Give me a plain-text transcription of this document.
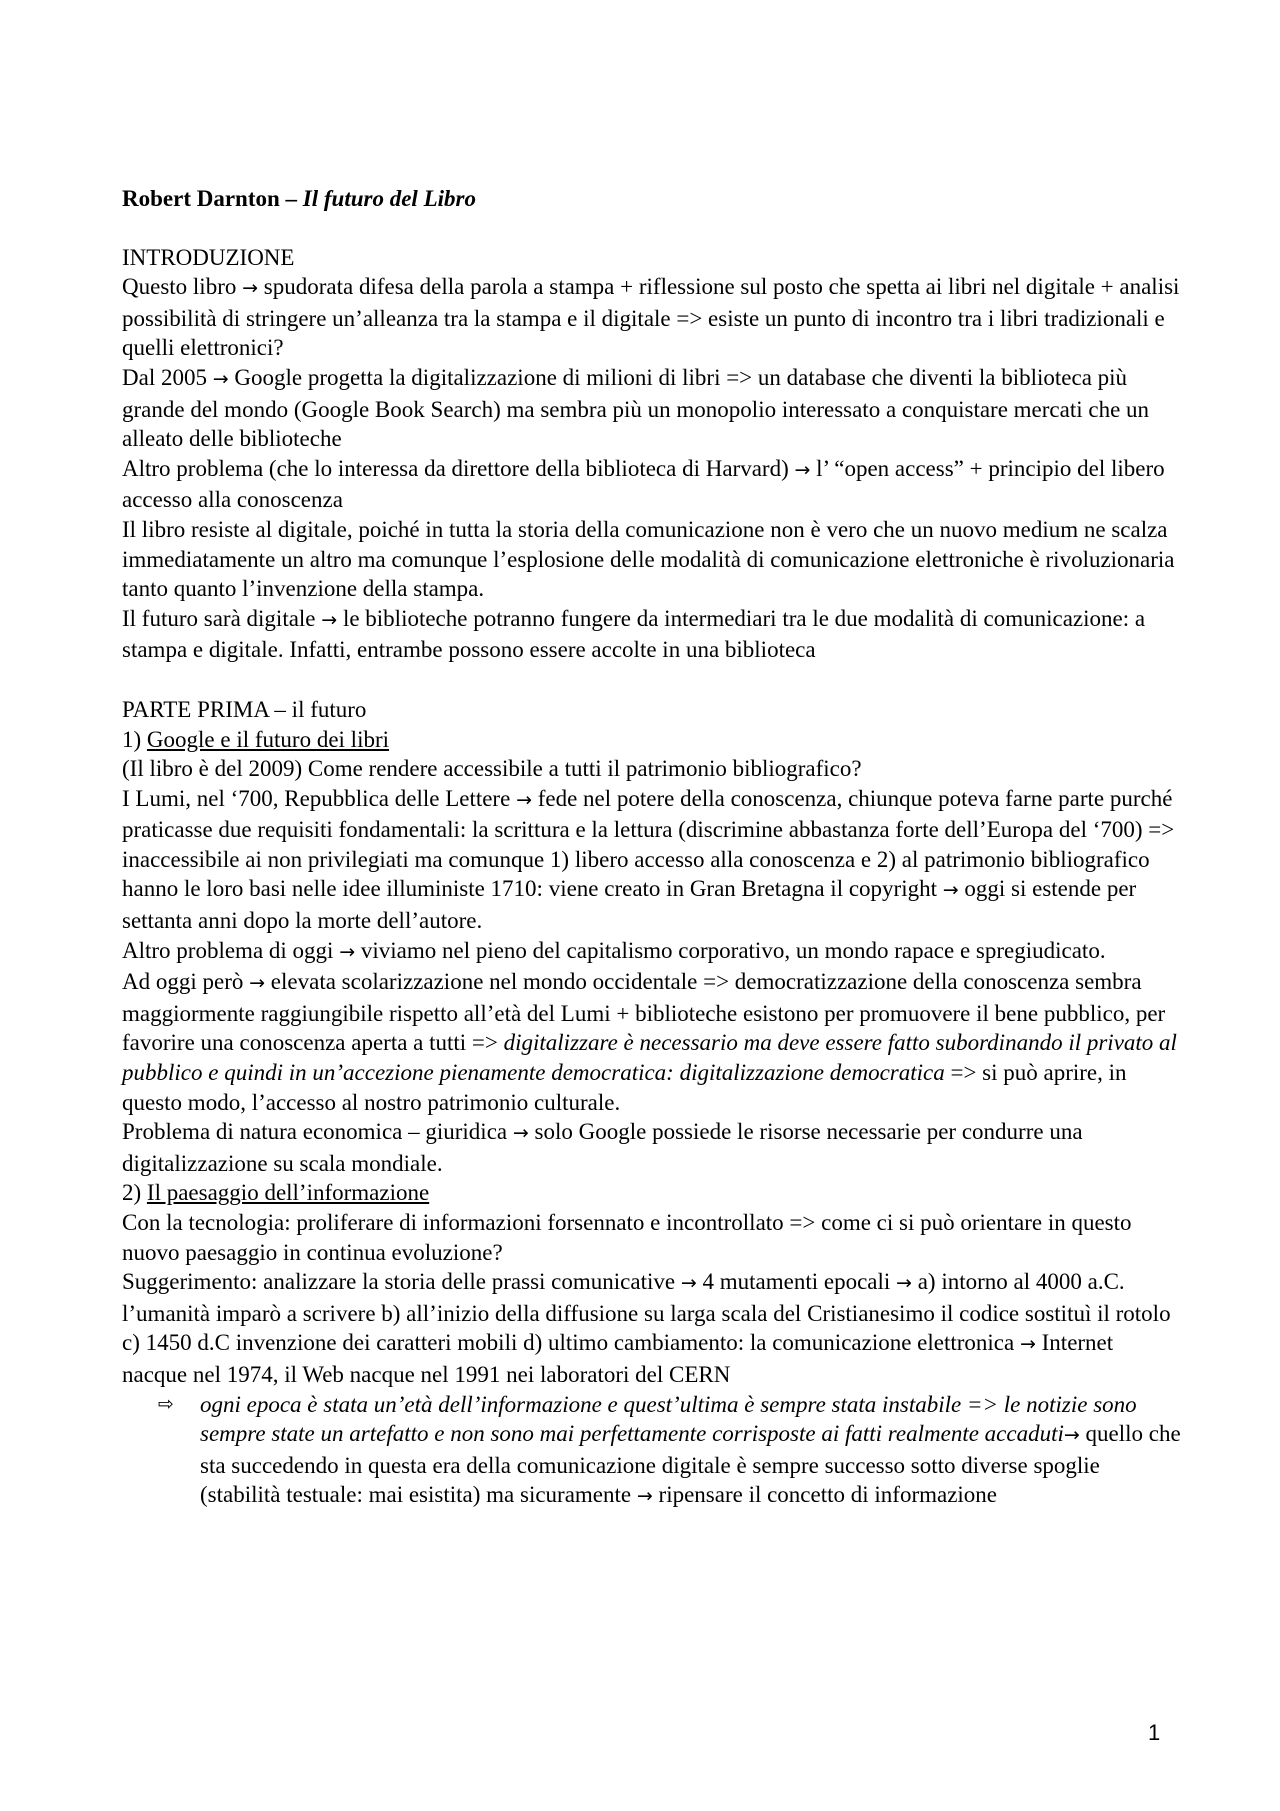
Robert Darnton – Il futuro del Libro

INTRODUZIONE

Questo libro → spudorata difesa della parola a stampa + riflessione sul posto che spetta ai libri nel digitale + analisi possibilità di stringere un’alleanza tra la stampa e il digitale => esiste un punto di incontro tra i libri tradizionali e quelli elettronici?

Dal 2005 → Google progetta la digitalizzazione di milioni di libri => un database che diventi la biblioteca più grande del mondo (Google Book Search) ma sembra più un monopolio interessato a conquistare mercati che un alleato delle biblioteche

Altro problema (che lo interessa da direttore della biblioteca di Harvard) → l’ “open access” + principio del libero accesso alla conoscenza

Il libro resiste al digitale, poiché in tutta la storia della comunicazione non è vero che un nuovo medium ne scalza immediatamente un altro ma comunque l’esplosione delle modalità di comunicazione elettroniche è rivoluzionaria tanto quanto l’invenzione della stampa.

Il futuro sarà digitale → le biblioteche potranno fungere da intermediari tra le due modalità di comunicazione: a stampa e digitale. Infatti, entrambe possono essere accolte in una biblioteca

PARTE PRIMA – il futuro

1) Google e il futuro dei libri

(Il libro è del 2009) Come rendere accessibile a tutti il patrimonio bibliografico?

I Lumi, nel ‘700, Repubblica delle Lettere → fede nel potere della conoscenza, chiunque poteva farne parte purché praticasse due requisiti fondamentali: la scrittura e la lettura (discrimine abbastanza forte dell’Europa del ‘700) => inaccessibile ai non privilegiati ma comunque 1) libero accesso alla conoscenza e 2) al patrimonio bibliografico hanno le loro basi nelle idee illuministe 1710: viene creato in Gran Bretagna il copyright → oggi si estende per settanta anni dopo la morte dell’autore.

Altro problema di oggi → viviamo nel pieno del capitalismo corporativo, un mondo rapace e spregiudicato.

Ad oggi però → elevata scolarizzazione nel mondo occidentale => democratizzazione della conoscenza sembra maggiormente raggiungibile rispetto all’età del Lumi + biblioteche esistono per promuovere il bene pubblico, per favorire una conoscenza aperta a tutti => digitalizzare è necessario ma deve essere fatto subordinando il privato al pubblico e quindi in un’accezione pienamente democratica: digitalizzazione democratica => si può aprire, in questo modo, l’accesso al nostro patrimonio culturale.

Problema di natura economica – giuridica → solo Google possiede le risorse necessarie per condurre una digitalizzazione su scala mondiale.

2) Il paesaggio dell’informazione

Con la tecnologia: proliferare di informazioni forsennato e incontrollato => come ci si può orientare in questo nuovo paesaggio in continua evoluzione?

Suggerimento: analizzare la storia delle prassi comunicative → 4 mutamenti epocali → a) intorno al 4000 a.C. l’umanità imparò a scrivere b) all’inizio della diffusione su larga scala del Cristianesimo il codice sostituì il rotolo c) 1450 d.C invenzione dei caratteri mobili d) ultimo cambiamento: la comunicazione elettronica → Internet nacque nel 1974, il Web nacque nel 1991 nei laboratori del CERN

⇨ ogni epoca è stata un’età dell’informazione e quest’ultima è sempre stata instabile => le notizie sono sempre state un artefatto e non sono mai perfettamente corrisposte ai fatti realmente accaduti→ quello che sta succedendo in questa era della comunicazione digitale è sempre successo sotto diverse spoglie (stabilità testuale: mai esistita) ma sicuramente → ripensare il concetto di informazione

1
